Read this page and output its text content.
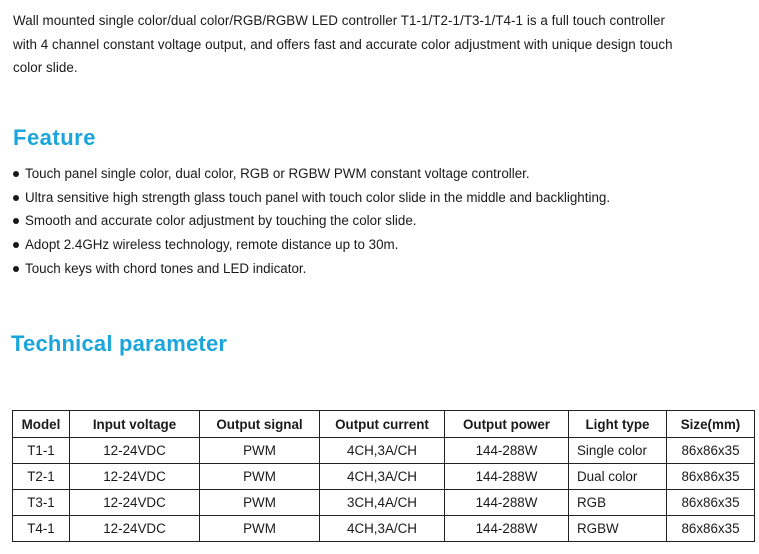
Wall mounted single color/dual color/RGB/RGBW LED controller T1-1/T2-1/T3-1/T4-1 is a full touch controller
with 4 channel constant voltage output, and offers fast and accurate color adjustment with unique design touch
color slide.

Feature
Touch panel single color, dual color, RGB or RGBW PWM constant voltage controller.
Ultra sensitive high strength glass touch panel with touch color slide in the middle and backlighting.
Smooth and accurate color adjustment by touching the color slide.
Adopt 2.4GHz wireless technology, remote distance up to 30m.
Touch keys with chord tones and LED indicator.
Technical parameter
Model	Input voltage	Output signal	Output current	Output power	Light type	Size(mm)
T1-1	12-24VDC	PWM	4CH,3A/CH	144-288W	Single color	86x86x35
T2-1	12-24VDC	PWM	4CH,3A/CH	144-288W	Dual color	86x86x35
T3-1	12-24VDC	PWM	3CH,4A/CH	144-288W	RGB	86x86x35
T4-1	12-24VDC	PWM	4CH,3A/CH	144-288W	RGBW	86x86x35
